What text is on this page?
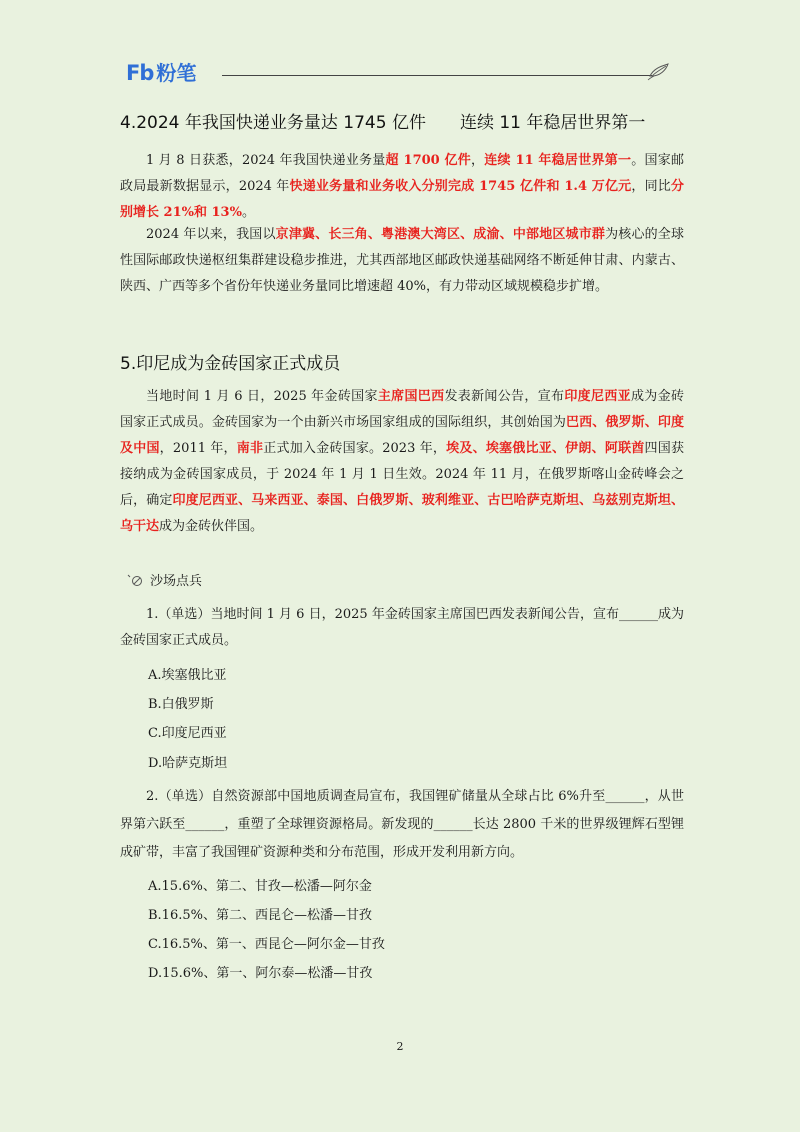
Fb 粉笔
4.2024 年我国快递业务量达 1745 亿件　　连续 11 年稳居世界第一

1 月 8 日获悉，2024 年我国快递业务量超 1700 亿件，连续 11 年稳居世界第一。国家邮政局最新数据显示，2024 年快递业务量和业务收入分别完成 1745 亿件和 1.4 万亿元，同比分别增长 21%和 13%。

2024 年以来，我国以京津冀、长三角、粤港澳大湾区、成渝、中部地区城市群为核心的全球性国际邮政快递枢纽集群建设稳步推进，尤其西部地区邮政快递基础网络不断延伸甘肃、内蒙古、陕西、广西等多个省份年快递业务量同比增速超 40%，有力带动区域规模稳步扩增。

5.印尼成为金砖国家正式成员

当地时间 1 月 6 日，2025 年金砖国家主席国巴西发表新闻公告，宣布印度尼西亚成为金砖国家正式成员。金砖国家为一个由新兴市场国家组成的国际组织，其创始国为巴西、俄罗斯、印度及中国，2011 年，南非正式加入金砖国家。2023 年，埃及、埃塞俄比亚、伊朗、阿联酋四国获接纳成为金砖国家成员，于 2024 年 1 月 1 日生效。2024 年 11 月，在俄罗斯喀山金砖峰会之后，确定印度尼西亚、马来西亚、泰国、白俄罗斯、玻利维亚、古巴哈萨克斯坦、乌兹别克斯坦、乌干达成为金砖伙伴国。

沙场点兵

1.（单选）当地时间 1 月 6 日，2025 年金砖国家主席国巴西发表新闻公告，宣布______成为金砖国家正式成员。

A.埃塞俄比亚
B.白俄罗斯
C.印度尼西亚
D.哈萨克斯坦

2.（单选）自然资源部中国地质调查局宣布，我国锂矿储量从全球占比 6%升至______，从世界第六跃至______，重塑了全球锂资源格局。新发现的______长达 2800 千米的世界级锂辉石型锂成矿带，丰富了我国锂矿资源种类和分布范围，形成开发利用新方向。

A.15.6%、第二、甘孜—松潘—阿尔金
B.16.5%、第二、西昆仑—松潘—甘孜
C.16.5%、第一、西昆仑—阿尔金—甘孜
D.15.6%、第一、阿尔泰—松潘—甘孜
2
